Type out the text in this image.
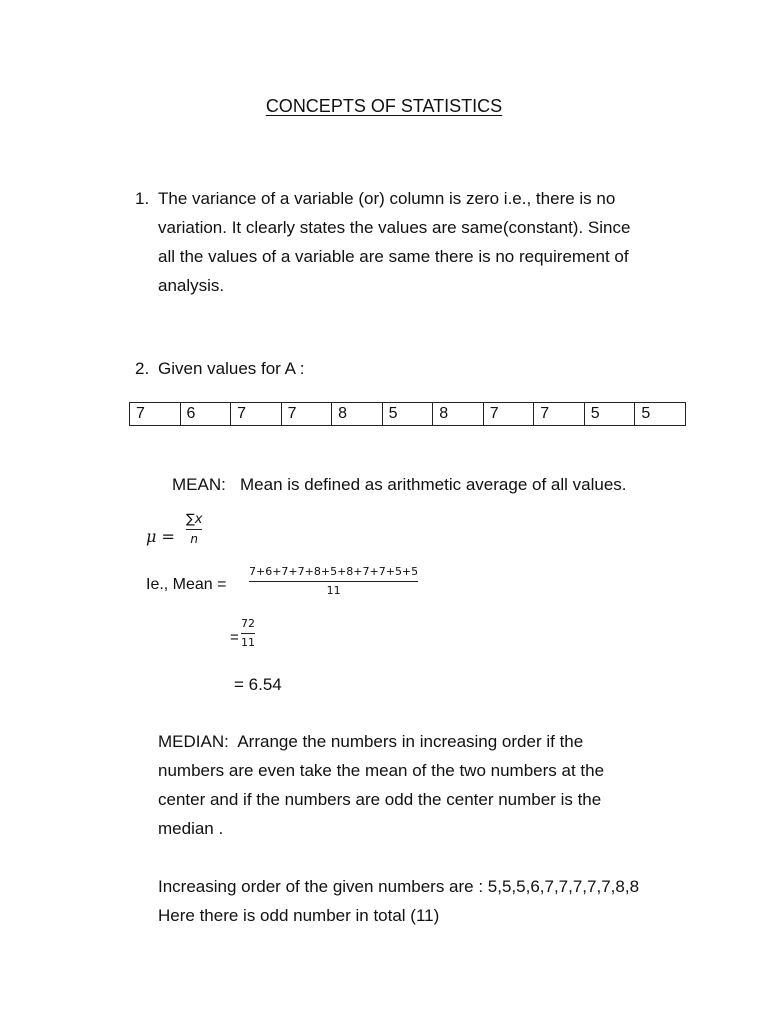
CONCEPTS OF STATISTICS
1. The variance of a variable (or) column is zero i.e., there is no
variation. It clearly states the values are same(constant). Since
all the values of a variable are same there is no requirement of
analysis.
2. Given values for A :
7	6	7	7	8	5	8	7	7	5	5
MEAN:   Mean is defined as arithmetic average of all values.
μ =
∑x
n
Ie., Mean =
7+6+7+7+8+5+8+7+7+5+5
11
=
72
11
= 6.54
MEDIAN:  Arrange the numbers in increasing order if the
numbers are even take the mean of the two numbers at the
center and if the numbers are odd the center number is the
median .
Increasing order of the given numbers are : 5,5,5,6,7,7,7,7,7,8,8
Here there is odd number in total (11)
